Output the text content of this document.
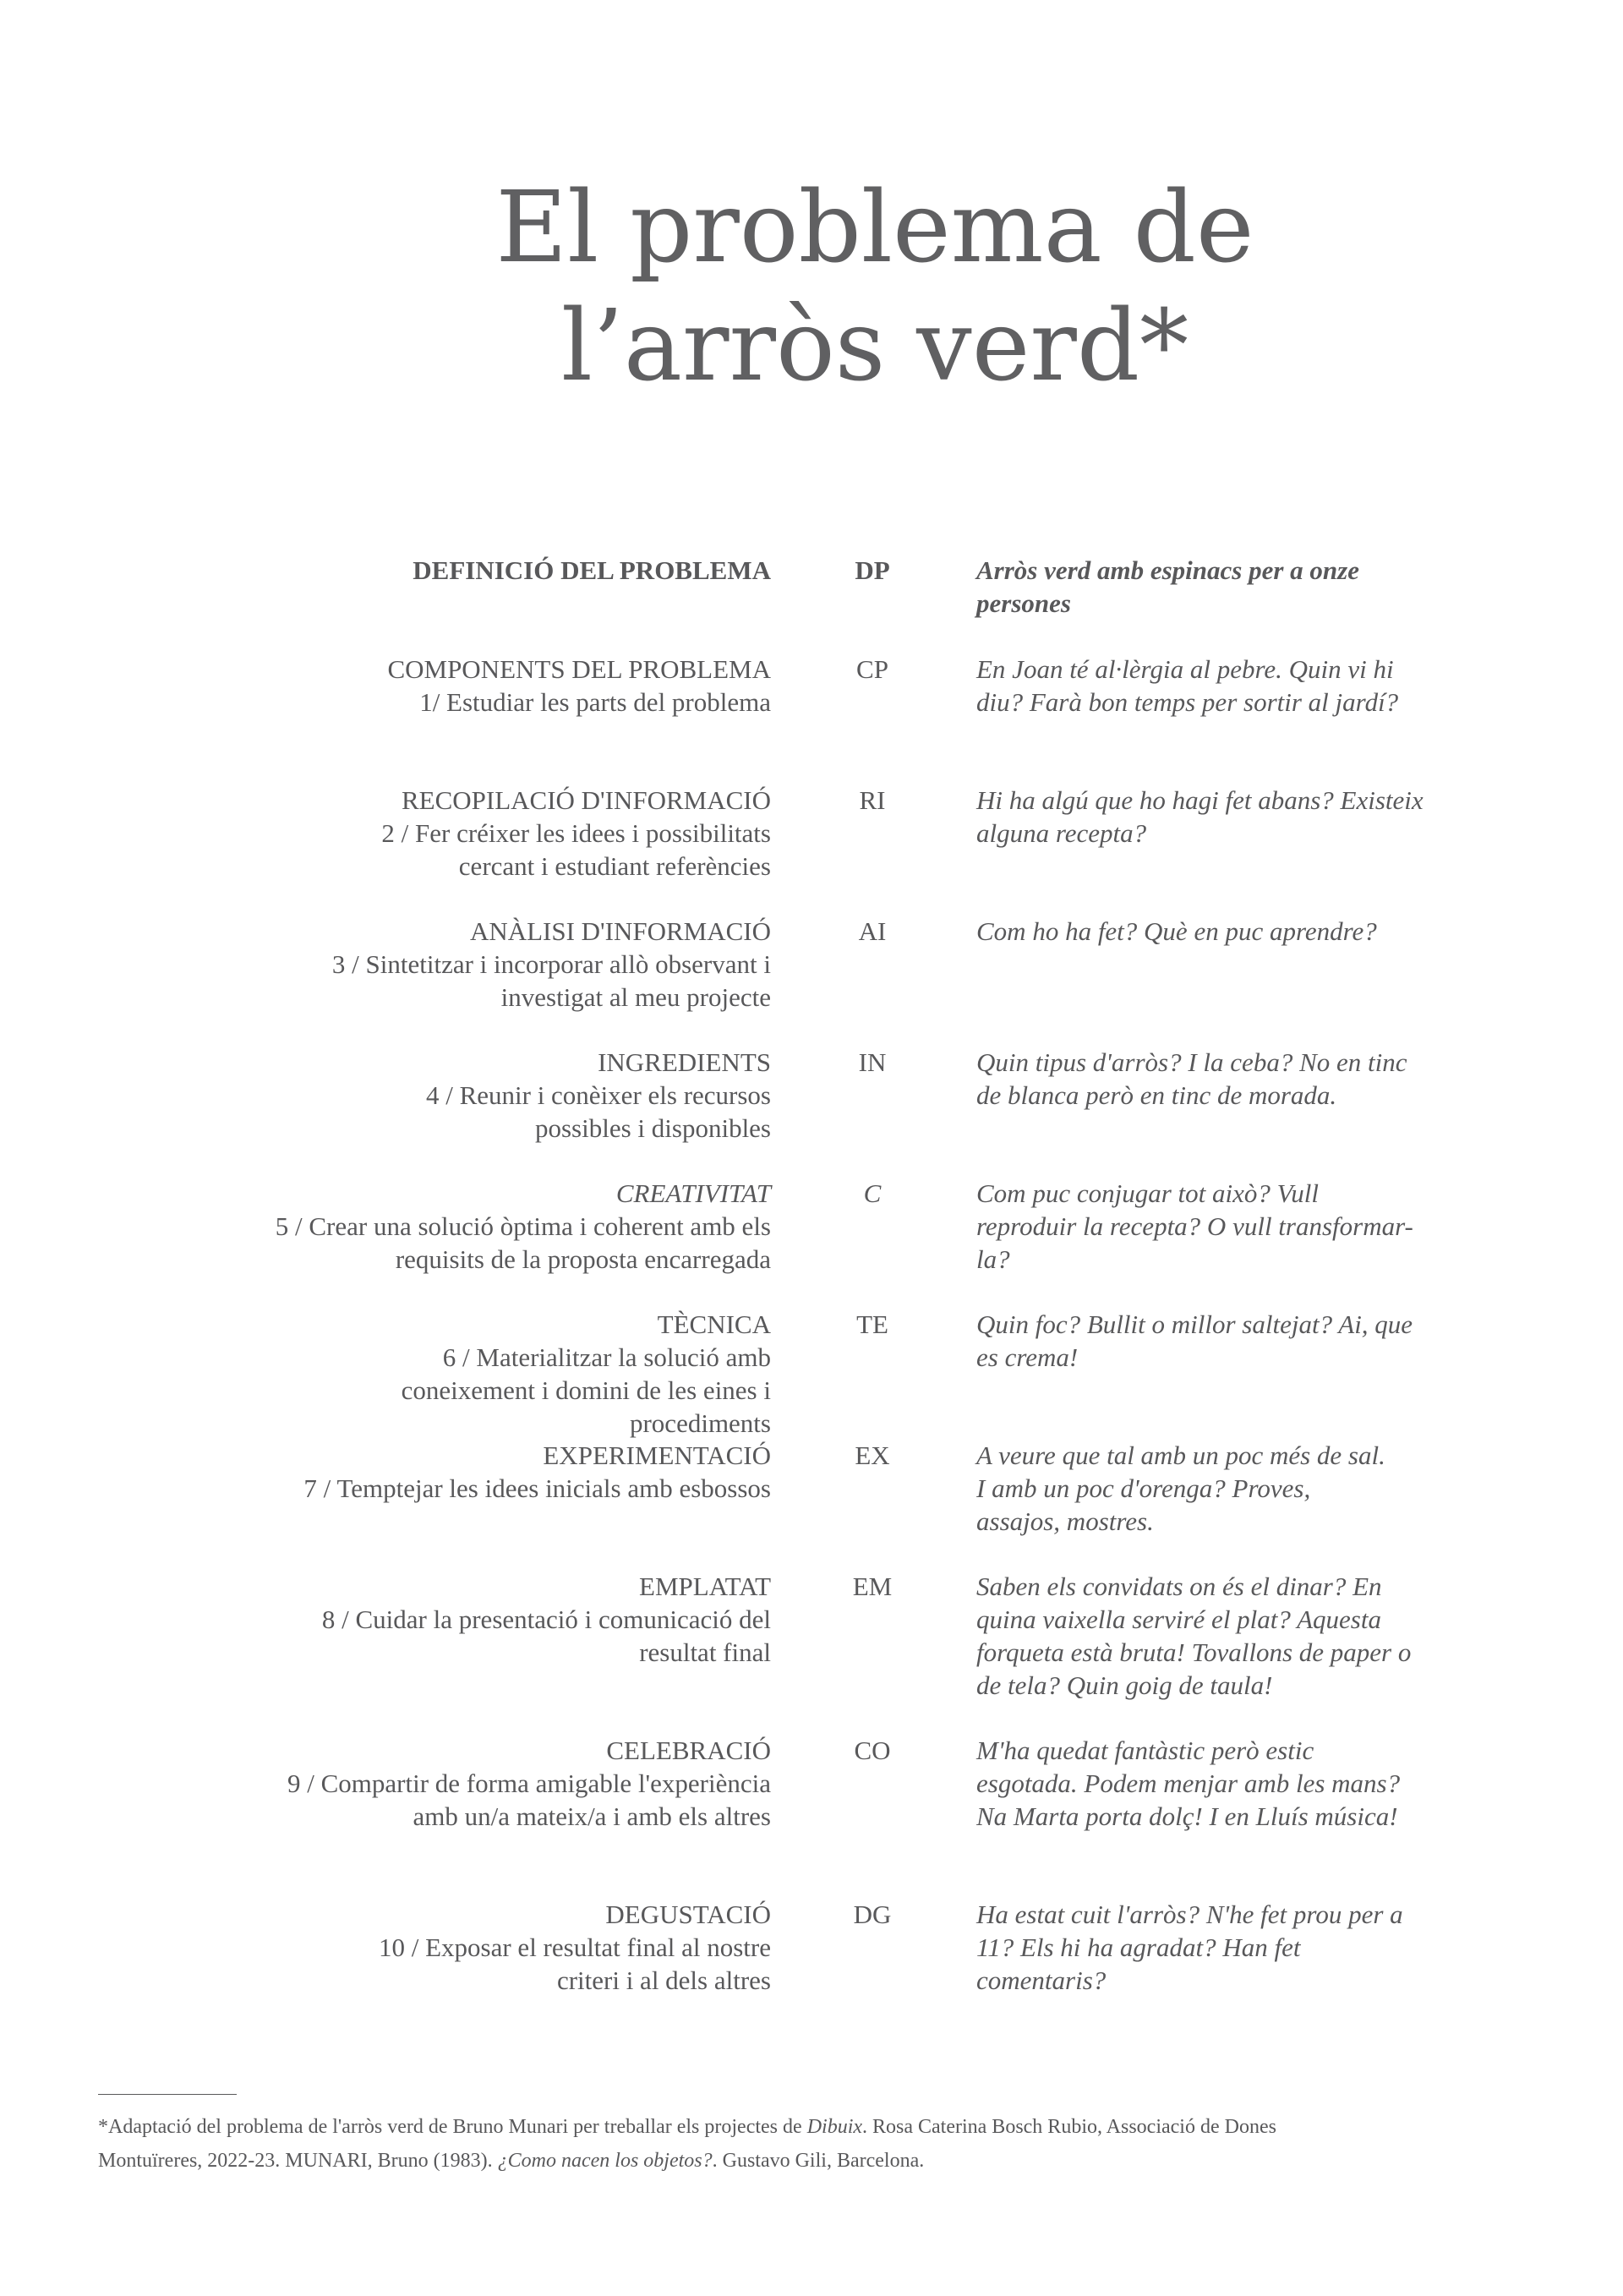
El problema de
l’arròs verd*
DEFINICIÓ DEL PROBLEMA	DP	Arròs verd amb espinacs per a onze persones
COMPONENTS DEL PROBLEMA
1/ Estudiar les parts del problema
CP	En Joan té al·lèrgia al pebre. Quin vi hi diu? Farà bon temps per sortir al jardí?
RECOPILACIÓ D'INFORMACIÓ
2 / Fer créixer les idees i possibilitats cercant i estudiant referències
RI	Hi ha algú que ho hagi fet abans? Existeix alguna recepta?
ANÀLISI D'INFORMACIÓ
3 / Sintetitzar i incorporar allò observant i investigat al meu projecte
AI	Com ho ha fet? Què en puc aprendre?
INGREDIENTS
4 / Reunir i conèixer els recursos possibles i disponibles
IN	Quin tipus d'arròs? I la ceba? No en tinc de blanca però en tinc de morada.
CREATIVITAT
5 / Crear una solució òptima i coherent amb els requisits de la proposta encarregada
C	Com puc conjugar tot això? Vull reproduir la recepta? O vull transformar-la?
TÈCNICA
6 / Materialitzar la solució amb coneixement i domini de les eines i procediments
TE	Quin foc? Bullit o millor saltejat? Ai, que es crema!
EXPERIMENTACIÓ
7 / Temptejar les idees inicials amb esbossos
EX	A veure que tal amb un poc més de sal. I amb un poc d'orenga? Proves, assajos, mostres.
EMPLATAT
8 / Cuidar la presentació i comunicació del resultat final
EM	Saben els convidats on és el dinar? En quina vaixella serviré el plat? Aquesta forqueta està bruta! Tovallons de paper o de tela? Quin goig de taula!
CELEBRACIÓ
9 / Compartir de forma amigable l'experiència amb un/a mateix/a i amb els altres
CO	M'ha quedat fantàstic però estic esgotada. Podem menjar amb les mans? Na Marta porta dolç! I en Lluís música!
DEGUSTACIÓ
10 / Exposar el resultat final al nostre criteri i al dels altres
DG	Ha estat cuit l'arròs? N'he fet prou per a 11? Els hi ha agradat? Han fet comentaris?
*Adaptació del problema de l'arròs verd de Bruno Munari per treballar els projectes de Dibuix. Rosa Caterina Bosch Rubio, Associació de Dones Montuïreres, 2022-23. MUNARI, Bruno (1983). ¿Como nacen los objetos?. Gustavo Gili, Barcelona.
